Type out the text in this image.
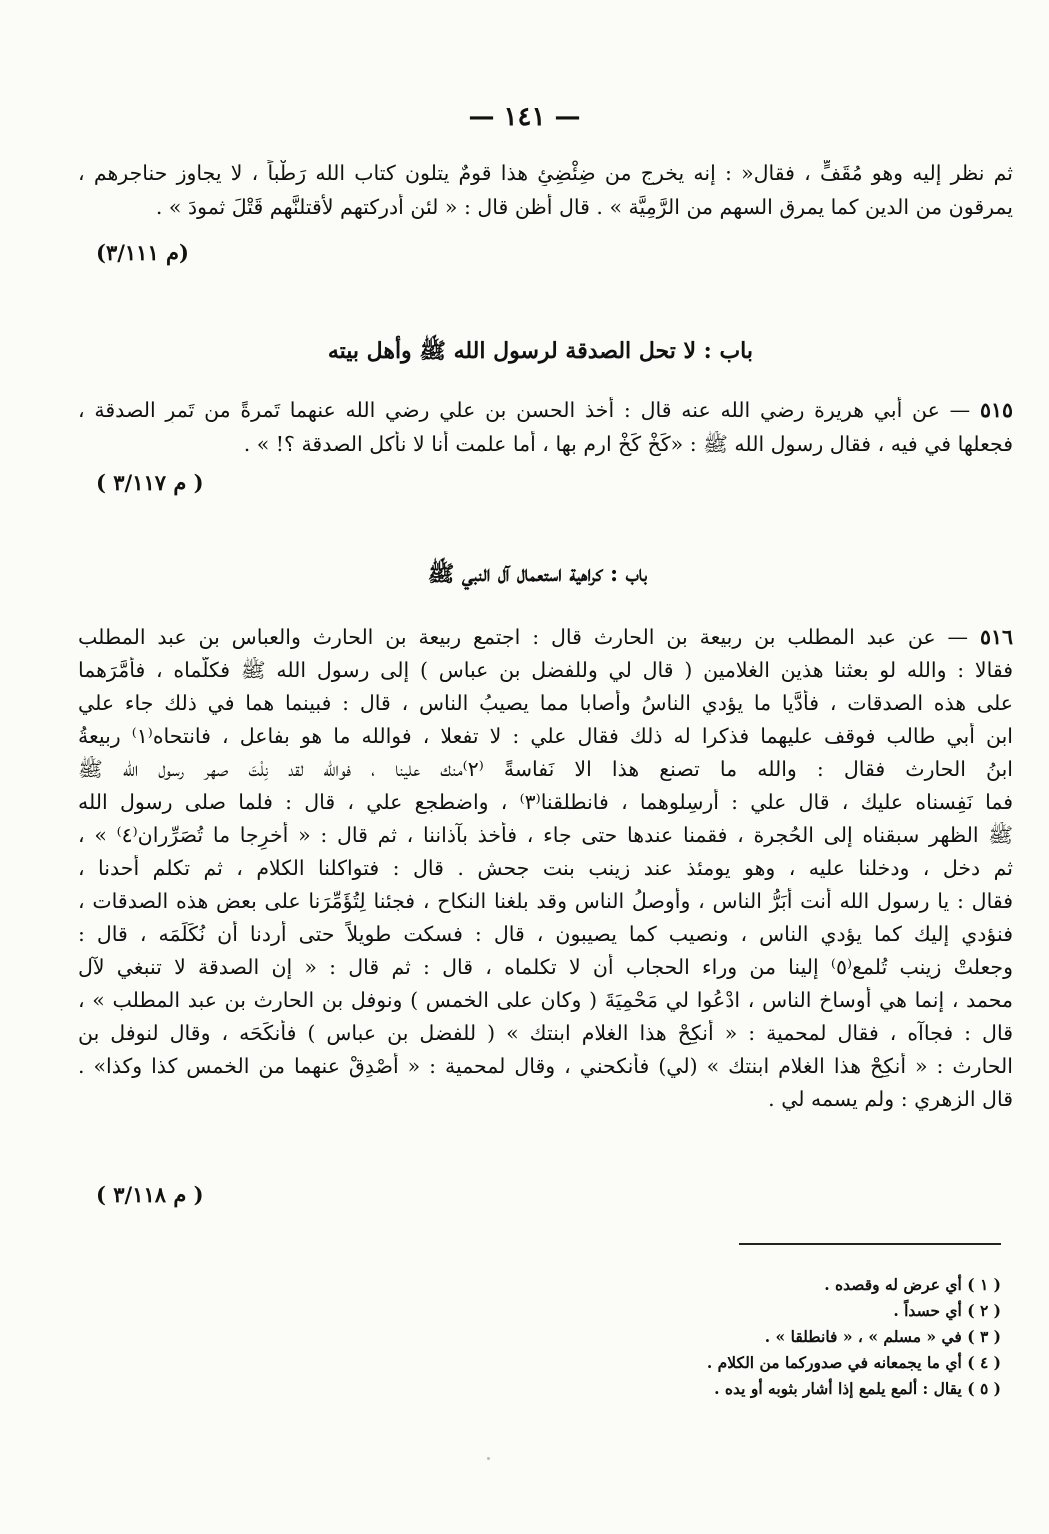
— ١٤١ —
ثم نظر إليه وهو مُقَفٍّ ، فقال« : إنه يخرج من ضِئْضِئِ هذا قومٌ يتلون كتاب الله رَطْباً ، لا يجاوز حناجرهم ،
يمرقون من الدين كما يمرق السهم من الرَّمِيَّة » . قال أظن قال : « لئن أدركتهم لأقتلنَّهم قَتْلَ ثمودَ » .
(م ٣/١١١)
باب : لا تحل الصدقة لرسول الله ﷺ وأهل بيته
٥١٥ — عن أبي هريرة رضي الله عنه قال : أخذ الحسن بن علي رضي الله عنهما تَمرةً من تَمرِ الصدقة ،
فجعلها في فيه ، فقال رسول الله ﷺ : «كَخْ كَخْ ارمِ بها ، أما علمت أنا لا نأكل الصدقة ؟! » .
( م ٣/١١٧ )
باب : كراهية استعمال آل النبي ﷺ
٥١٦ — عن عبد المطلب بن ربيعة بن الحارث قال : اجتمع ربيعة بن الحارث والعباس بن عبد المطلب
فقالا : والله لو بعثنا هذين الغلامين ( قال لي وللفضل بن عباس ) إلى رسول الله ﷺ فكلَّماه ، فأمَّرَهما
على هذه الصدقات ، فأدَّيا ما يؤدي الناسُ وأصابا مما يصيبُ الناس ، قال : فبينما هما في ذلك جاء علي
ابن أبي طالب فوقف عليهما فذكرا له ذلك فقال علي : لا تفعلا ، فوالله ما هو بفاعل ، فانتحاه⁽١⁾ ربيعةُ
ابنُ الحارث فقال : والله ما تصنع هذا الا نَفاسةً ⁽٢⁾منك علينا ، فوالله لقد نِلْتَ صهر رسول الله ﷺ
فما نَفِسناه عليك ، قال علي : أرسِلوهما ، فانطلقنا⁽٣⁾ ، واضطجع علي ، قال : فلما صلى رسول الله
ﷺ الظهر سبقناه إلى الحُجرة ، فقمنا عندها حتى جاء ، فأخذ بآذاننا ، ثم قال : « أخرِجا ما تُصَرِّران⁽٤⁾ » ،
ثم دخل ، ودخلنا عليه ، وهو يومئذ عند زينب بنت جحش . قال : فتواكلنا الكلام ، ثم تكلم أحدنا ،
فقال : يا رسول الله أنت أبَرُّ الناس ، وأوصلُ الناس وقد بلغنا النكاح ، فجئنا لِتُؤَمِّرَنا على بعض هذه الصدقات ،
فنؤدي إليك كما يؤدي الناس ، ونصيب كما يصيبون ، قال : فسكت طويلاً حتى أردنا أن نُكَلِّمَه ، قال :
وجعلتْ زينب تُلمع⁽٥⁾ إلينا من وراء الحجاب أن لا تكلماه ، قال : ثم قال : « إن الصدقة لا تنبغي لآل
محمد ، إنما هي أوساخ الناس ، ادْعُوا لي مَحْمِيَةَ ( وكان على الخمس ) ونوفل بن الحارث بن عبد المطلب » ،
قال : فجاآه ، فقال لمحمية : « أنكِحْ هذا الغلام ابنتك » ( للفضل بن عباس ) فأنكَحَه ، وقال لنوفل بن
الحارث : « أنكِحْ هذا الغلام ابنتك » (لي) فأنكحني ، وقال لمحمية : « أصْدِقْ عنهما من الخمس كذا وكذا» .
قال الزهري : ولم يسمه لي .
( م ٣/١١٨ )
( ١ ) أي عرض له وقصده .
( ٢ ) أي حسداً .
( ٣ ) في « مسلم » ، « فانطلقا » .
( ٤ ) أي ما يجمعانه في صدوركما من الكلام .
( ٥ ) يقال : ألمع يلمع إذا أشار بثوبه أو يده .
